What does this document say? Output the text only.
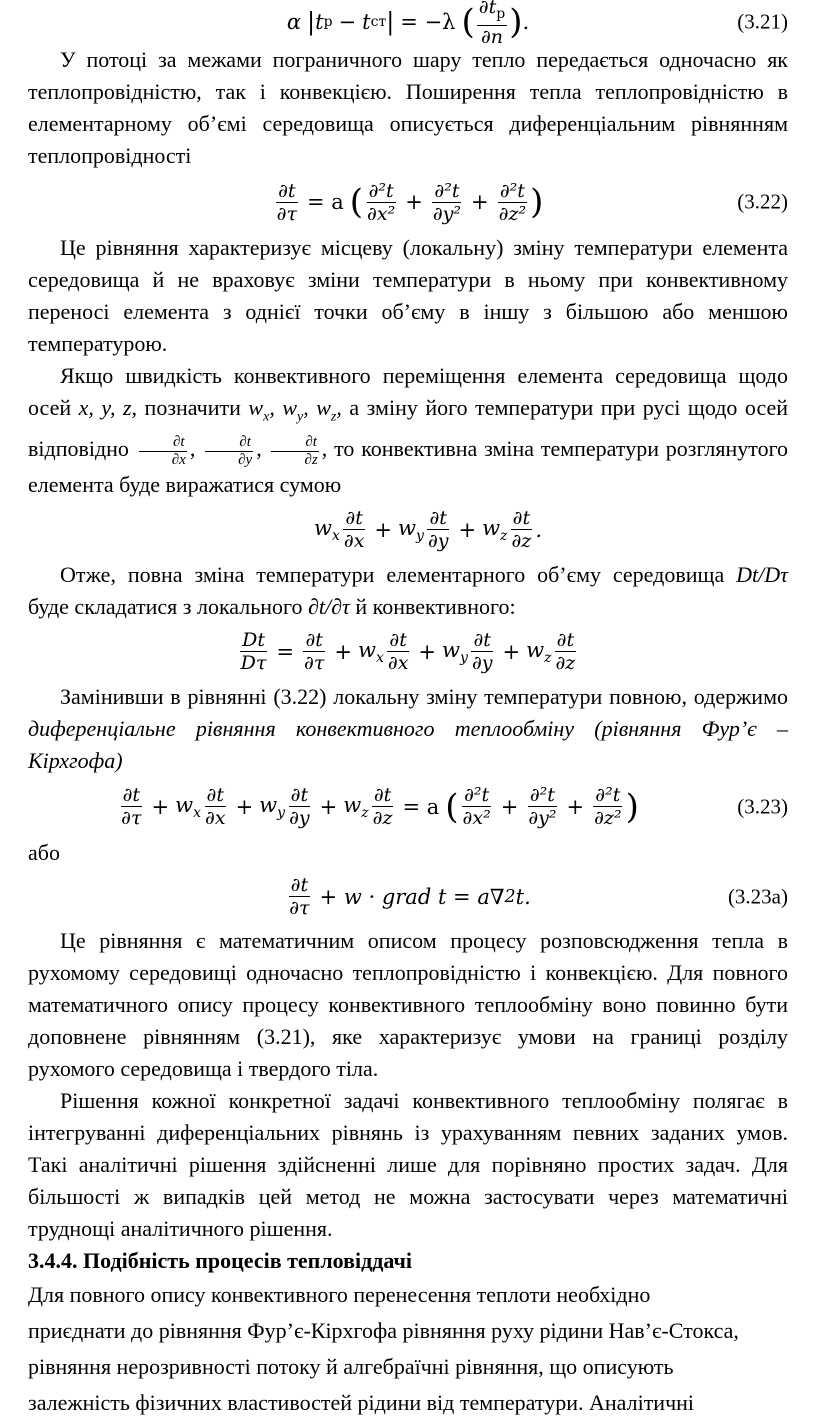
α | t р − t ст | = −λ ( $\frac{\partial t_р}{\partial n}$ ) .	(3.21)

У потоці за межами пограничного шару тепло передається одночасно як теплопровідністю, так і конвекцією. Поширення тепла теплопровідністю в елементарному об’ємі середовища описується диференціальним рівнянням теплопровідності

$\frac{\partial t}{\partial\tau} = a$ ( $\frac{\text{∂²t}}{\text{∂x²}} + \frac{\text{∂²t}}{\text{∂y²}} + \frac{\text{∂²t}}{\text{∂z²}}$ )	(3.22)

Це рівняння характеризує місцеву (локальну) зміну температури елемента середовища й не враховує зміни температури в ньому при конвективному переносі елемента з однієї точки об’єму в іншу з більшою або меншою температурою.

Якщо швидкість конвективного переміщення елемента середовища щодо осей x, y, z, позначити $w_x$, $w_y$, $w_z$, а зміну його температури при русі щодо осей відповідно $\frac{\partial t}{\partial x}$ , $\frac{\partial t}{\partial y}$ , $\frac{\partial t}{\partial z}$ , то конвективна зміна температури розглянутого елемента буде виражатися сумою

$w_x \frac{\partial t}{\partial x} + w_y \frac{\partial t}{\partial y} + w_z \frac{\partial t}{\partial z}$ .

Отже, повна зміна температури елементарного об’єму середовища Dt/Dτ буде складатися з локального ∂t/∂τ й конвективного:

$\frac{Dt}{D\tau} = \frac{\partial t}{\partial\tau} + w_x \frac{\partial t}{\partial x} + w_y \frac{\partial t}{\partial y} + w_z \frac{\partial t}{\partial z}$

Замінивши в рівнянні (3.22) локальну зміну температури повною, одержимо диференціальне рівняння конвективного теплообміну (рівняння Фур’є – Кірхгофа)

$\frac{\partial t}{\partial\tau} + w_x \frac{\partial t}{\partial x} + w_y \frac{\partial t}{\partial y} + w_z \frac{\partial t}{\partial z} = a$ ( $\frac{\text{∂²t}}{\text{∂x²}} + \frac{\text{∂²t}}{\text{∂y²}} + \frac{\text{∂²t}}{\text{∂z²}}$ )	(3.23)

або

$\frac{\partial t}{\partial\tau} + w$ · grad t = a∇ 2 t.	(3.23а)

Це рівняння є математичним описом процесу розповсюдження тепла в рухомому середовищі одночасно теплопровідністю і конвекцією. Для повного математичного опису процесу конвективного теплообміну воно повинно бути доповнене рівнянням (3.21), яке характеризує умови на границі розділу рухомого середовища і твердого тіла.

Рішення кожної конкретної задачі конвективного теплообміну полягає в інтегруванні диференціальних рівнянь із урахуванням певних заданих умов. Такі аналітичні рішення здійсненні лише для порівняно простих задач. Для більшості ж випадків цей метод не можна застосувати через математичні труднощі аналітичного рішення.

3.4.4. Подібність процесів тепловіддачі

Для повного опису конвективного перенесення теплоти необхідно

приєднати до рівняння Фур’є-Кірхгофа рівняння руху рідини Нав’є-Стокса,

рівняння нерозривності потоку й алгебраїчні рівняння, що описують

залежність фізичних властивостей рідини від температури. Аналітичні
